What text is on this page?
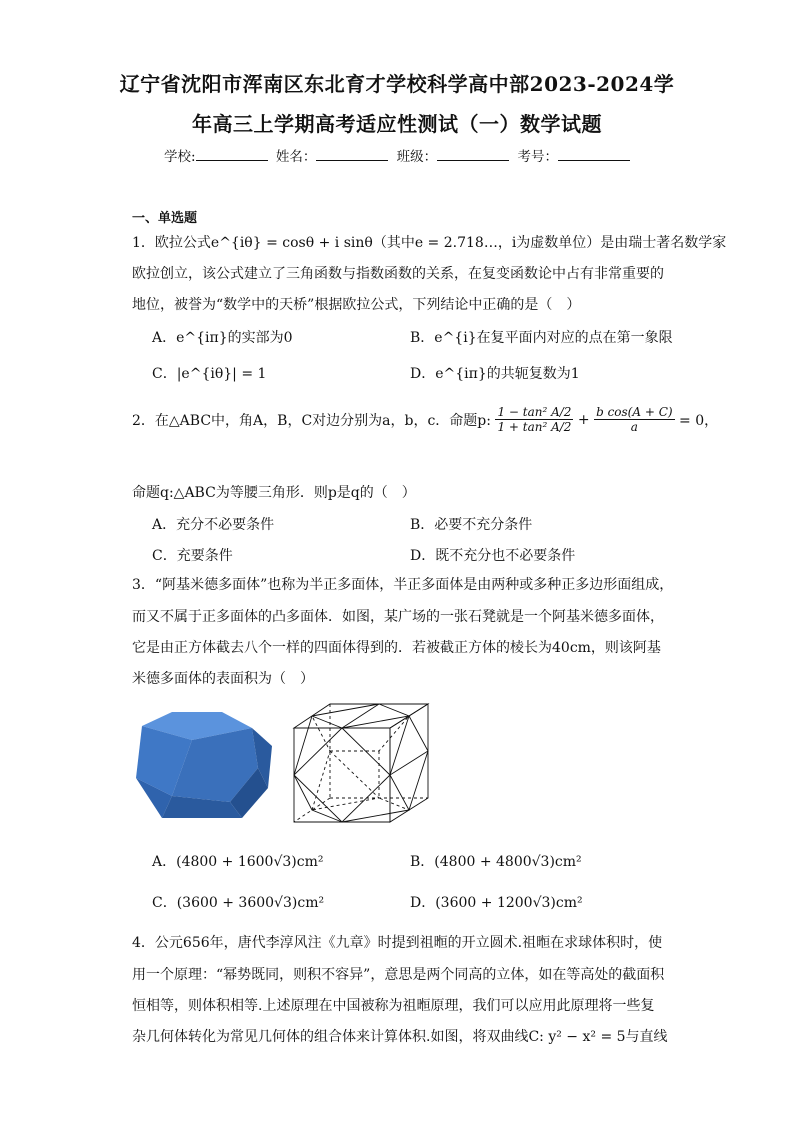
辽宁省沈阳市浑南区东北育才学校科学高中部2023-2024学
年高三上学期高考适应性测试（一）数学试题
学校:	姓名：	班级：	考号：
一、单选题
1．欧拉公式e^{iθ} = cosθ + i sinθ（其中e = 2.718…，i为虚数单位）是由瑞士著名数学家
欧拉创立，该公式建立了三角函数与指数函数的关系，在复变函数论中占有非常重要的
地位，被誉为“数学中的天桥”根据欧拉公式，下列结论中正确的是（　）
A．e^{iπ}的实部为0	B．e^{i}在复平面内对应的点在第一象限
C．|e^{iθ}| = 1	D．e^{iπ}的共轭复数为1
2．在△ABC中，角A，B，C对边分别为a，b，c．命题p: $\frac{\text{1 − tan² A/2}}{\text{1 + tan² A/2}} + \frac{\text{b cos(A + C)}}{a} = 0$，
命题q:△ABC为等腰三角形．则p是q的（　）
A．充分不必要条件	B．必要不充分条件
C．充要条件	D．既不充分也不必要条件
3．“阿基米德多面体”也称为半正多面体，半正多面体是由两种或多种正多边形面组成，
而又不属于正多面体的凸多面体．如图，某广场的一张石凳就是一个阿基米德多面体，
它是由正方体截去八个一样的四面体得到的．若被截正方体的棱长为40cm，则该阿基
米德多面体的表面积为（　）
A．(4800 + 1600√3)cm²	B．(4800 + 4800√3)cm²
C．(3600 + 3600√3)cm²	D．(3600 + 1200√3)cm²
4．公元656年，唐代李淳风注《九章》时提到祖暅的开立圆术.祖暅在求球体积时，使
用一个原理：“幂势既同，则积不容异”，意思是两个同高的立体，如在等高处的截面积
恒相等，则体积相等.上述原理在中国被称为祖暅原理，我们可以应用此原理将一些复
杂几何体转化为常见几何体的组合体来计算体积.如图，将双曲线C: y² − x² = 5与直线
